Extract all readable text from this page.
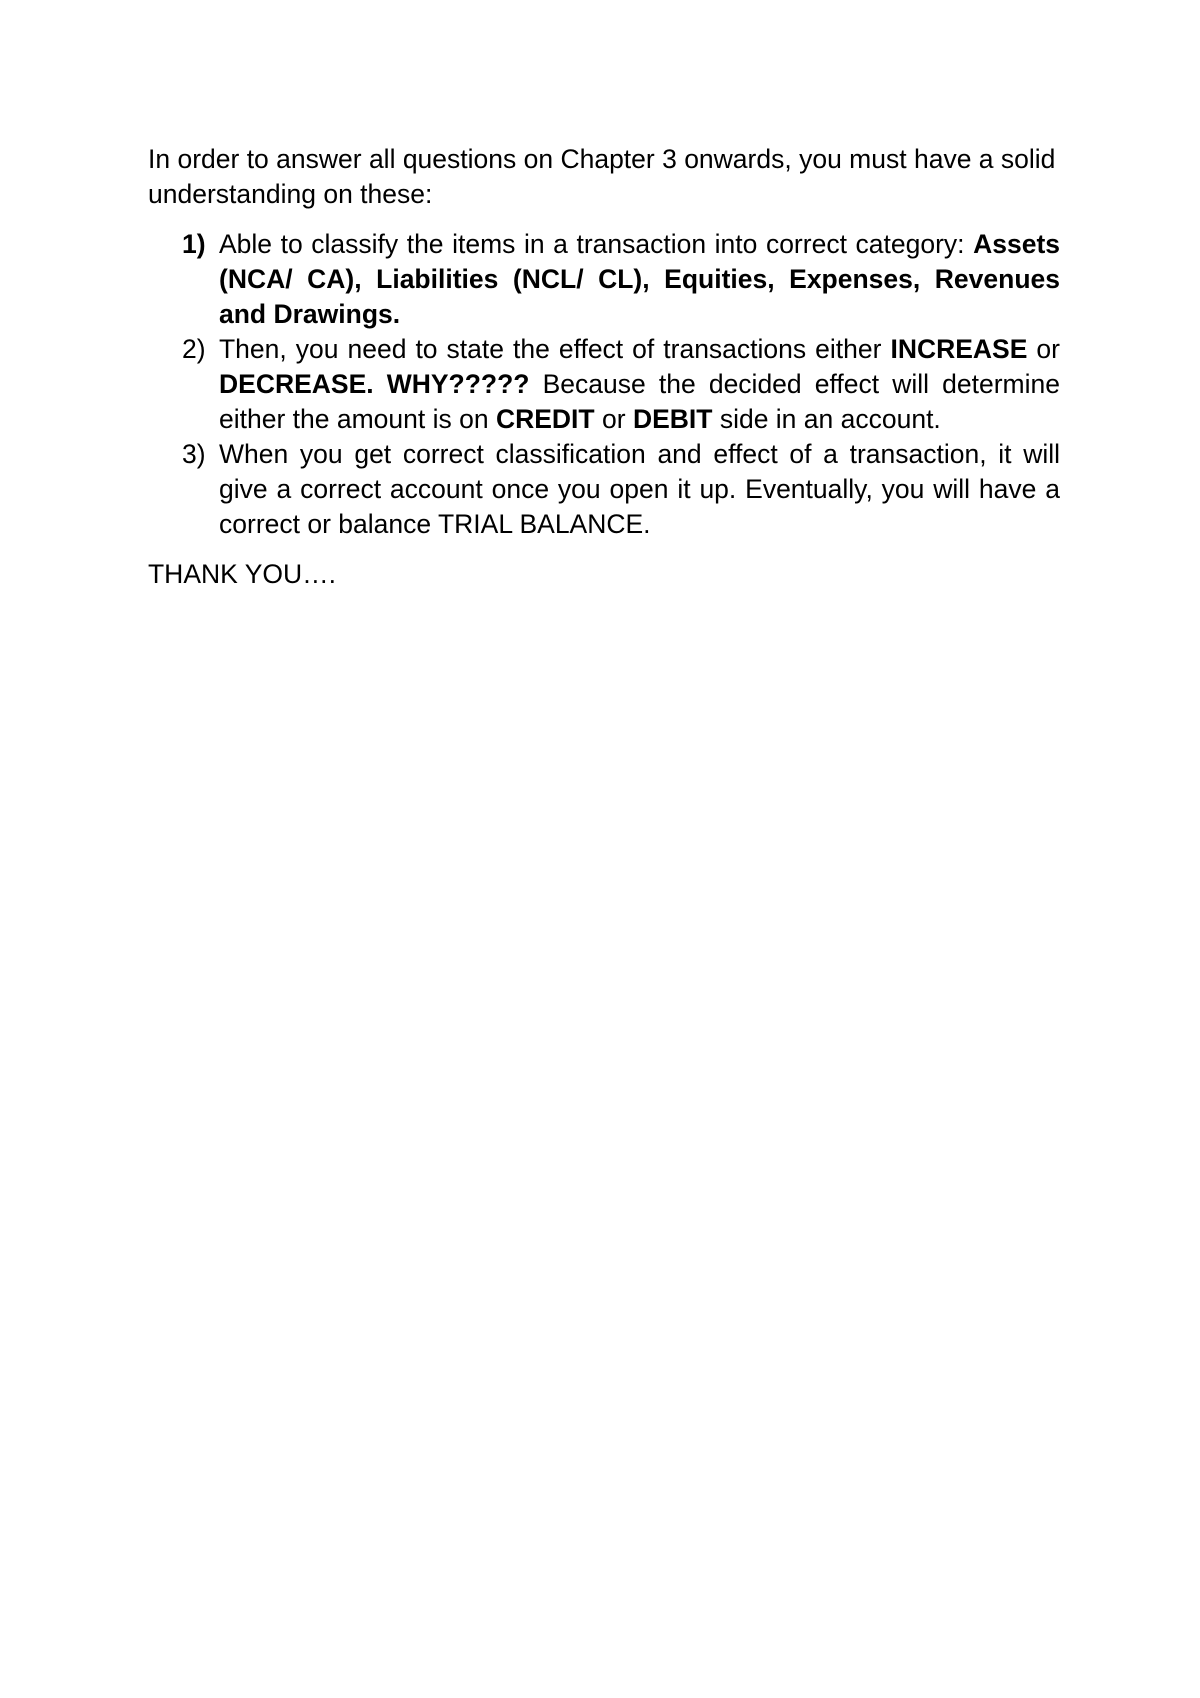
In order to answer all questions on Chapter 3 onwards, you must have a solid understanding on these:

1) Able to classify the items in a transaction into correct category: Assets (NCA/ CA), Liabilities (NCL/ CL), Equities, Expenses, Revenues and Drawings.
2) Then, you need to state the effect of transactions either INCREASE or DECREASE. WHY????? Because the decided effect will determine either the amount is on CREDIT or DEBIT side in an account.
3) When you get correct classification and effect of a transaction, it will give a correct account once you open it up. Eventually, you will have a correct or balance TRIAL BALANCE.

THANK YOU….
